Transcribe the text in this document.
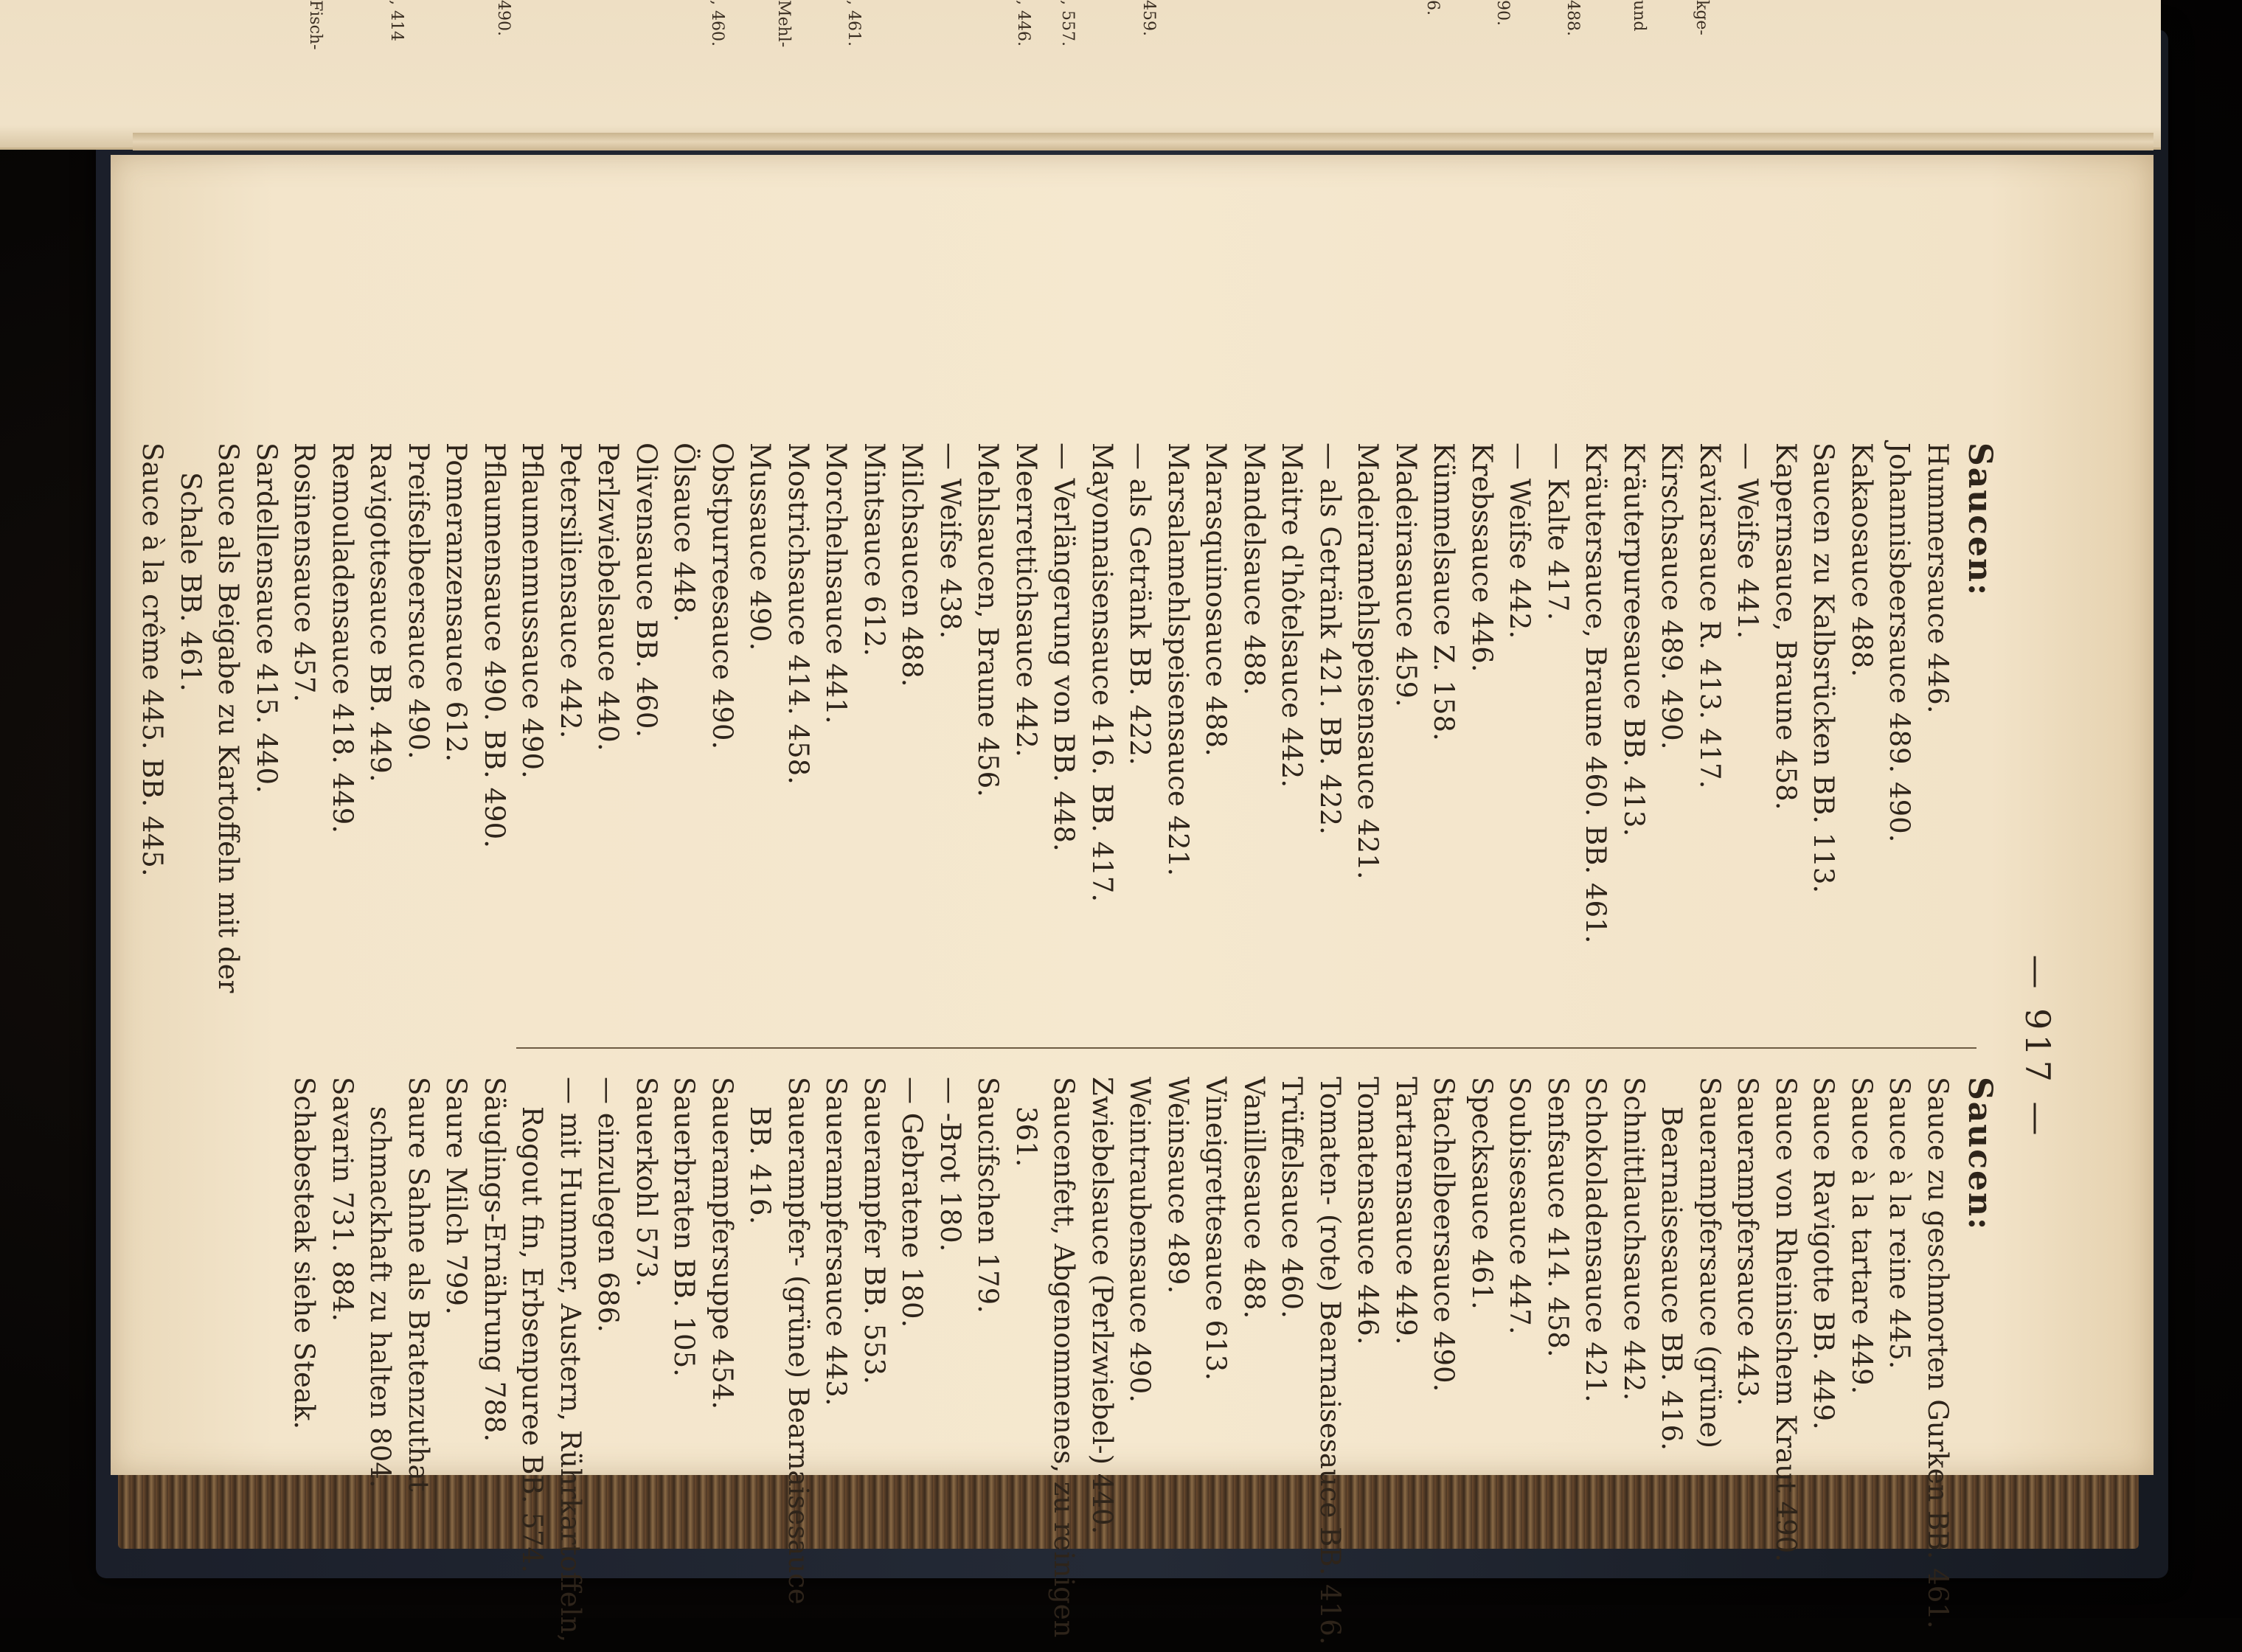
kge-
und
488.
90.
6.
459.
, 557.
, 446.
, 461.
Mehl-
, 460.
490.
, 414
Fisch-
— 917 —

Saucen:

Hummersauce 446.

Johannisbeersauce 489. 490.

Kakaosauce 488.

Saucen zu Kalbsrücken BB. 113.

Kapernsauce, Braune 458.

— Weifse 441.

Kaviarsauce R. 413. 417.

Kirschsauce 489. 490.

Kräuterpureesauce BB. 413.

Kräutersauce, Braune 460. BB. 461.

— Kalte 417.

— Weifse 442.

Krebssauce 446.

Kümmelsauce Z. 158.

Madeirasauce 459.

Madeiramehlspeisensauce 421.

— als Getränk 421. BB. 422.

Maitre d'hôtelsauce 442.

Mandelsauce 488.

Marasquinosauce 488.

Marsalamehlspeisensauce 421.

— als Getränk BB. 422.

Mayonnaisensauce 416. BB. 417.

— Verlängerung von BB. 448.

Meerrettichsauce 442.

Mehlsaucen, Braune 456.

— Weifse 438.

Milchsaucen 488.

Mintsauce 612.

Morchelnsauce 441.

Mostrichsauce 414. 458.

Mussauce 490.

Obstpurreesauce 490.

Ölsauce 448.

Olivensauce BB. 460.

Perlzwiebelsauce 440.

Petersiliensauce 442.

Pflaumenmussauce 490.

Pflaumensauce 490. BB. 490.

Pomeranzensauce 612.

Preifselbeersauce 490.

Ravigottesauce BB. 449.

Remouladensauce 418. 449.

Rosinensauce 457.

Sardellensauce 415. 440.

Sauce als Beigabe zu Kartoffeln mit der Schale BB. 461.

Sauce à la crême 445. BB. 445.

Saucen:

Sauce zu geschmorten Gurken BB. 461.

Sauce à la reine 445.

Sauce à la tartare 449.

Sauce Ravigotte BB. 449.

Sauce von Rheinischem Kraut 490.

Sauerampfersauce 443.

Sauerampfersauce (grüne) Bearnaisesauce BB. 416.

Schnittlauchsauce 442.

Schokoladensauce 421.

Senfsauce 414. 458.

Soubisesauce 447.

Specksauce 461.

Stachelbeersauce 490.

Tartarensauce 449.

Tomatensauce 446.

Tomaten- (rote) Bearnaisesauce BB. 416.

Trüffelsauce 460.

Vanillesauce 488.

Vineigrettesauce 613.

Weinsauce 489.

Weintraubensauce 490.

Zwiebelsauce (Perlzwiebel-) 440.

Saucenfett, Abgenommenes, zu reinigen 361.

Saucifschen 179.

— -Brot 180.

— Gebratene 180.

Sauerampfer BB. 553.

Sauerampfersauce 443.

Sauerampfer- (grüne) Bearnaisesauce BB. 416.

Sauerampfersuppe 454.

Sauerbraten BB. 105.

Sauerkohl 573.

— einzulegen 686.

— mit Hummer, Austern, Rührkartoffeln, Rogout fin, Erbsenpuree BB. 574.

Säuglings-Ernährung 788.

Saure Milch 799.

Saure Sahne als Bratenzuthat schmackhaft zu halten 804.

Savarin 731. 884.

Schabesteak siehe Steak.
